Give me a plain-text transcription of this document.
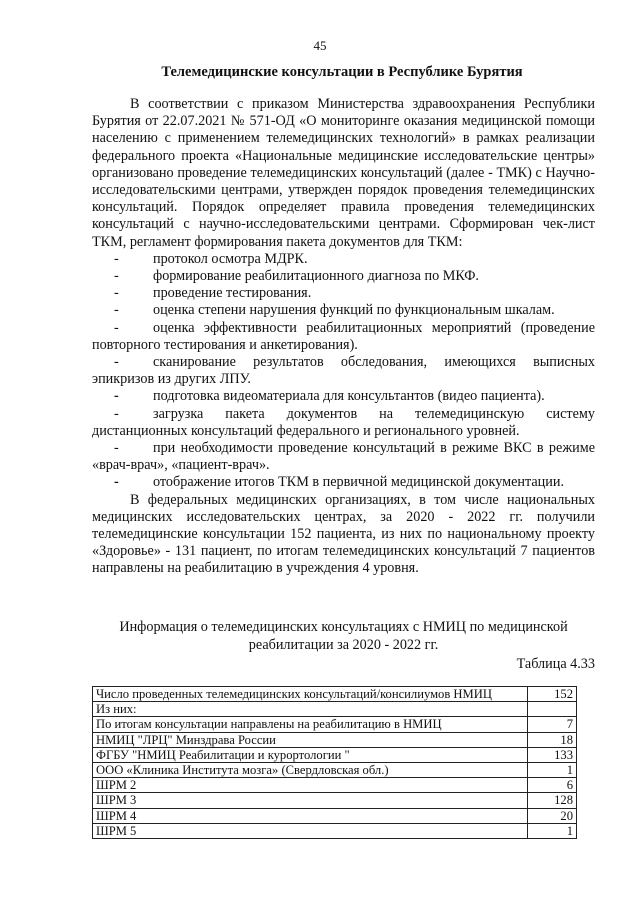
45
Телемедицинские консультации в Республике Бурятия

В соответствии с приказом Министерства здравоохранения Республики Бурятия от 22.07.2021 № 571-ОД «О мониторинге оказания медицинской помощи населению с применением телемедицинских технологий» в рамках реализации федерального проекта «Национальные медицинские исследовательские центры» организовано проведение телемедицинских консультаций (далее - ТМК) с Научно-исследовательскими центрами, утвержден порядок проведения телемедицинских консультаций. Порядок определяет правила проведения телемедицинских консультаций с научно-исследовательскими центрами. Сформирован чек-лист ТКМ, регламент формирования пакета документов для ТКМ:

- протокол осмотра МДРК.
- формирование реабилитационного диагноза по МКФ.
- проведение тестирования.
- оценка степени нарушения функций по функциональным шкалам.
- оценка эффективности реабилитационных мероприятий (проведение повторного тестирования и анкетирования).
- сканирование результатов обследования, имеющихся выписных эпикризов из других ЛПУ.
- подготовка видеоматериала для консультантов (видео пациента).
- загрузка пакета документов на телемедицинскую систему дистанционных консультаций федерального и регионального уровней.
- при необходимости проведение консультаций в режиме ВКС в режиме «врач-врач», «пациент-врач».
- отображение итогов ТКМ в первичной медицинской документации.

В федеральных медицинских организациях, в том числе национальных медицинских исследовательских центрах, за 2020 - 2022 гг. получили телемедицинские консультации 152 пациента, из них по национальному проекту «Здоровье» - 131 пациент, по итогам телемедицинских консультаций 7 пациентов направлены на реабилитацию в учреждения 4 уровня.

Информация о телемедицинских консультациях с НМИЦ по медицинской реабилитации за 2020 - 2022 гг.
Таблица 4.33
Число проведенных телемедицинских консультаций/консилиумов НМИЦ	152
Из них:	
По итогам консультации направлены на реабилитацию в НМИЦ	7
НМИЦ "ЛРЦ" Минздрава России	18
ФГБУ "НМИЦ Реабилитации и курортологии "	133
ООО «Клиника Института мозга» (Свердловская обл.)	1
ШРМ 2	6
ШРМ 3	128
ШРМ 4	20
ШРМ 5	1
